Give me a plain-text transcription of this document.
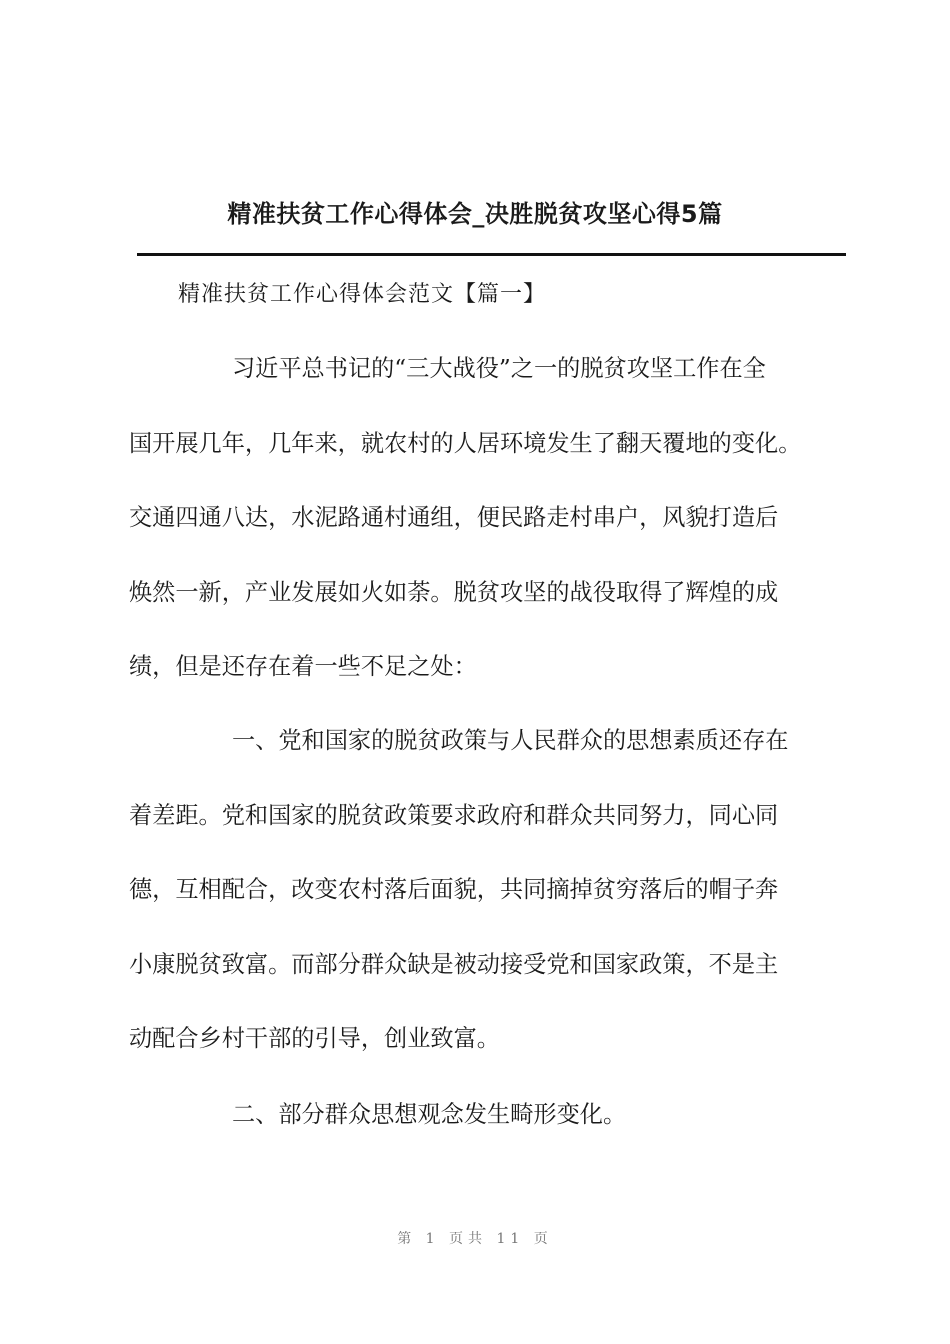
精准扶贫工作心得体会_决胜脱贫攻坚心得5篇
精准扶贫工作心得体会范文【篇一】
习近平总书记的“三大战役”之一的脱贫攻坚工作在全
国开展几年，几年来，就农村的人居环境发生了翻天覆地的变化。
交通四通八达，水泥路通村通组，便民路走村串户，风貌打造后
焕然一新，产业发展如火如荼。脱贫攻坚的战役取得了辉煌的成
绩，但是还存在着一些不足之处：
一、党和国家的脱贫政策与人民群众的思想素质还存在
着差距。党和国家的脱贫政策要求政府和群众共同努力，同心同
德，互相配合，改变农村落后面貌，共同摘掉贫穷落后的帽子奔
小康脱贫致富。而部分群众缺是被动接受党和国家政策，不是主
动配合乡村干部的引导，创业致富。
二、部分群众思想观念发生畸形变化。
第 1 页共 11 页
